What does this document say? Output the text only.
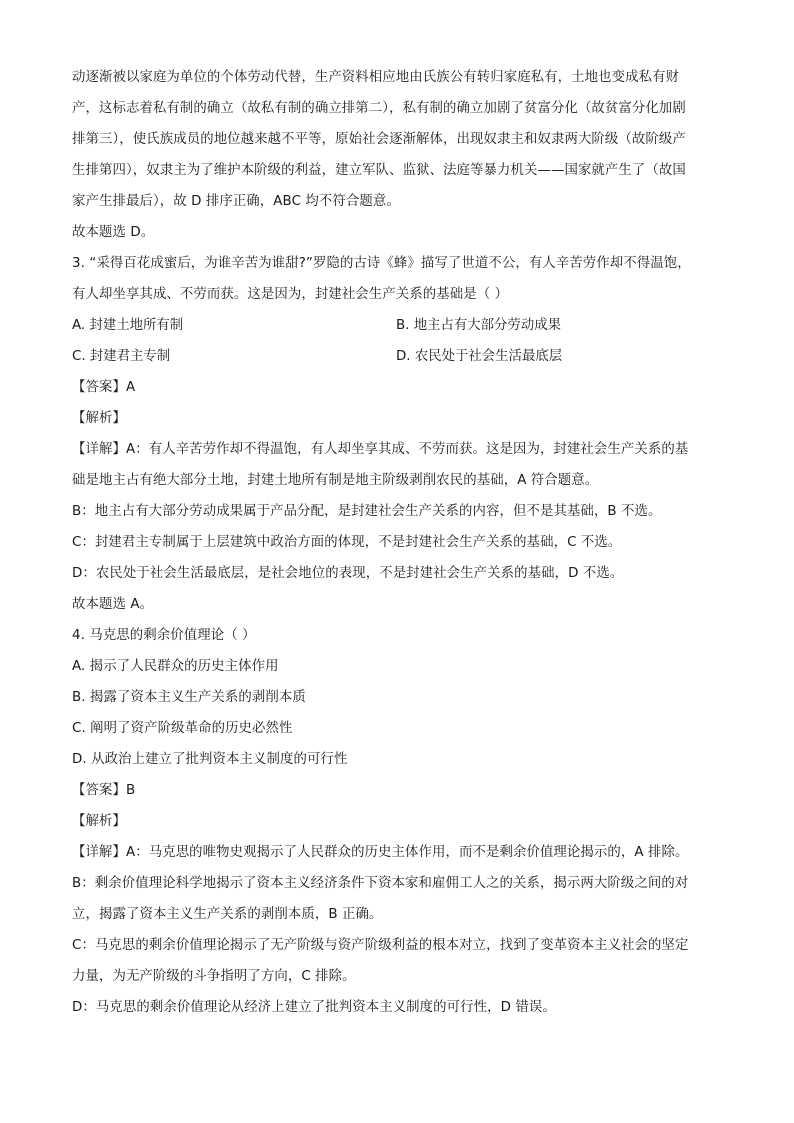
动逐渐被以家庭为单位的个体劳动代替，生产资料相应地由氏族公有转归家庭私有，土地也变成私有财
产，这标志着私有制的确立（故私有制的确立排第二），私有制的确立加剧了贫富分化（故贫富分化加剧
排第三），使氏族成员的地位越来越不平等，原始社会逐渐解体，出现奴隶主和奴隶两大阶级（故阶级产
生排第四），奴隶主为了维护本阶级的利益，建立军队、监狱、法庭等暴力机关——国家就产生了（故国
家产生排最后），故 D 排序正确，ABC 均不符合题意。
故本题选 D。
3. “采得百花成蜜后，为谁辛苦为谁甜?”罗隐的古诗《蜂》描写了世道不公，有人辛苦劳作却不得温饱，
有人却坐享其成、不劳而获。这是因为，封建社会生产关系的基础是（ ）
A. 封建土地所有制	B. 地主占有大部分劳动成果
C. 封建君主专制	D. 农民处于社会生活最底层
【答案】A
【解析】
【详解】A：有人辛苦劳作却不得温饱，有人却坐享其成、不劳而获。这是因为，封建社会生产关系的基
础是地主占有绝大部分土地，封建土地所有制是地主阶级剥削农民的基础，A 符合题意。
B：地主占有大部分劳动成果属于产品分配，是封建社会生产关系的内容，但不是其基础，B 不选。
C：封建君主专制属于上层建筑中政治方面的体现，不是封建社会生产关系的基础，C 不选。
D：农民处于社会生活最底层，是社会地位的表现，不是封建社会生产关系的基础，D 不选。
故本题选 A。
4. 马克思的剩余价值理论（ ）
A. 揭示了人民群众的历史主体作用
B. 揭露了资本主义生产关系的剥削本质
C. 阐明了资产阶级革命的历史必然性
D. 从政治上建立了批判资本主义制度的可行性
【答案】B
【解析】
【详解】A：马克思的唯物史观揭示了人民群众的历史主体作用，而不是剩余价值理论揭示的，A 排除。
B：剩余价值理论科学地揭示了资本主义经济条件下资本家和雇佣工人之的关系，揭示两大阶级之间的对
立，揭露了资本主义生产关系的剥削本质，B 正确。
C：马克思的剩余价值理论揭示了无产阶级与资产阶级利益的根本对立，找到了变革资本主义社会的坚定
力量，为无产阶级的斗争指明了方向，C 排除。
D：马克思的剩余价值理论从经济上建立了批判资本主义制度的可行性，D 错误。
